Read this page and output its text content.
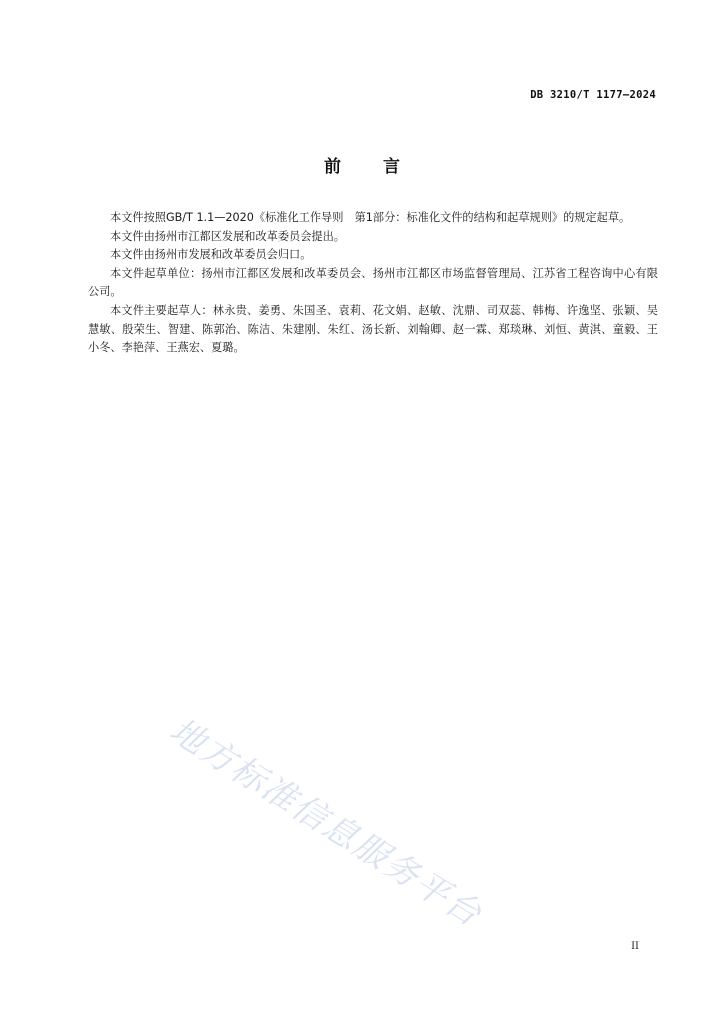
DB 3210/T 1177—2024
前 言

本文件按照GB/T 1.1—2020《标准化工作导则　第1部分：标准化文件的结构和起草规则》的规定起草。

本文件由扬州市江都区发展和改革委员会提出。

本文件由扬州市发展和改革委员会归口。

本文件起草单位：扬州市江都区发展和改革委员会、扬州市江都区市场监督管理局、江苏省工程咨询中心有限公司。

本文件主要起草人：林永贵、姜勇、朱国圣、袁莉、花文娟、赵敏、沈鼎、司双蕊、韩梅、许逸坚、张颖、吴慧敏、殷荣生、智建、陈郭治、陈洁、朱建刚、朱红、汤长新、刘翰卿、赵一霖、郑琰琳、刘恒、黄淇、童毅、王小冬、李艳萍、王燕宏、夏璐。

地方标准信息服务平台
II
